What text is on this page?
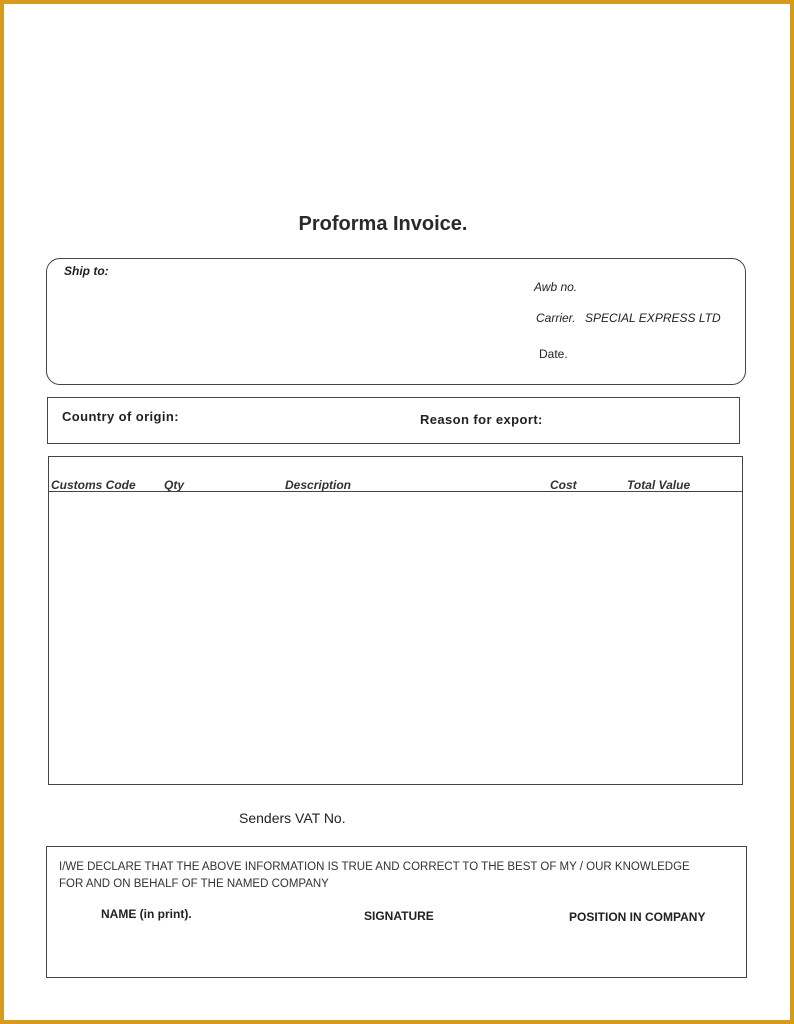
Proforma Invoice.
Ship to:
Awb no.
Carrier. SPECIAL EXPRESS LTD
Date.
Country of origin:	Reason for export:
Customs Code Qty	Description	Cost	Total Value
Senders VAT No.
I/WE DECLARE THAT THE ABOVE INFORMATION IS TRUE AND CORRECT TO THE BEST OF MY / OUR KNOWLEDGE
FOR AND ON BEHALF OF THE NAMED COMPANY
NAME (in print).	SIGNATURE	POSITION IN COMPANY
